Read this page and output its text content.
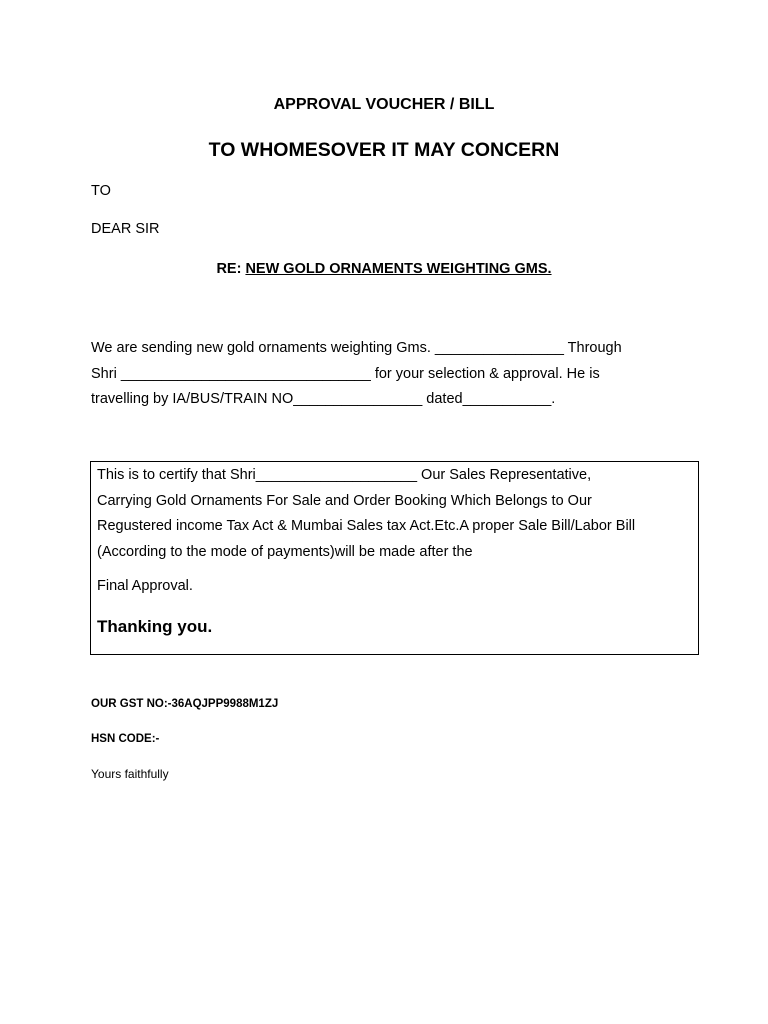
APPROVAL VOUCHER / BILL
TO WHOMESOVER IT MAY CONCERN
TO
DEAR SIR
RE: NEW GOLD ORNAMENTS WEIGHTING GMS.
We are sending new gold ornaments weighting Gms. ________________ Through
Shri _______________________________ for your selection & approval. He is
travelling by IA/BUS/TRAIN NO________________ dated___________.
This is to certify that Shri____________________ Our Sales Representative,
Carrying Gold Ornaments For Sale and Order Booking Which Belongs to Our
Regustered income Tax Act & Mumbai Sales tax Act.Etc.A proper Sale Bill/Labor Bill
(According to the mode of payments)will be made after the
Final Approval.
Thanking you.
OUR GST NO:-36AQJPP9988M1ZJ
HSN CODE:-
Yours faithfully
